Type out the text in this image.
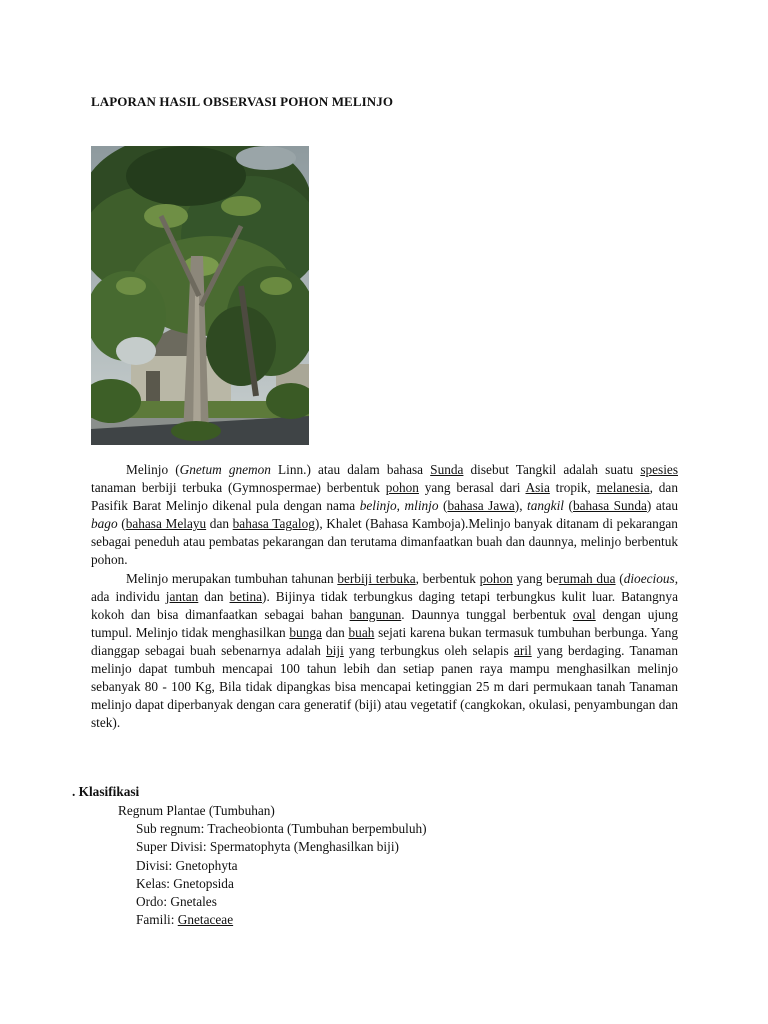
LAPORAN HASIL OBSERVASI POHON MELINJO

Melinjo (Gnetum gnemon Linn.) atau dalam bahasa Sunda disebut Tangkil adalah suatu spesies tanaman berbiji terbuka (Gymnospermae) berbentuk pohon yang berasal dari Asia tropik, melanesia, dan Pasifik Barat Melinjo dikenal pula dengan nama belinjo, mlinjo (bahasa Jawa), tangkil (bahasa Sunda) atau bago (bahasa Melayu dan bahasa Tagalog), Khalet (Bahasa Kamboja).Melinjo banyak ditanam di pekarangan sebagai peneduh atau pembatas pekarangan dan terutama dimanfaatkan buah dan daunnya, melinjo berbentuk pohon.

Melinjo merupakan tumbuhan tahunan berbiji terbuka, berbentuk pohon yang berumah dua (dioecious, ada individu jantan dan betina). Bijinya tidak terbungkus daging tetapi terbungkus kulit luar. Batangnya kokoh dan bisa dimanfaatkan sebagai bahan bangunan. Daunnya tunggal berbentuk oval dengan ujung tumpul. Melinjo tidak menghasilkan bunga dan buah sejati karena bukan termasuk tumbuhan berbunga. Yang dianggap sebagai buah sebenarnya adalah biji yang terbungkus oleh selapis aril yang berdaging. Tanaman melinjo dapat tumbuh mencapai 100 tahun lebih dan setiap panen raya mampu menghasilkan melinjo sebanyak 80 - 100 Kg, Bila tidak dipangkas bisa mencapai ketinggian 25 m dari permukaan tanah Tanaman melinjo dapat diperbanyak dengan cara generatif (biji) atau vegetatif (cangkokan, okulasi, penyambungan dan stek).

. Klasifikasi
Regnum Plantae (Tumbuhan)
Sub regnum: Tracheobionta (Tumbuhan berpembuluh)
Super Divisi: Spermatophyta (Menghasilkan biji)
Divisi: Gnetophyta
Kelas: Gnetopsida
Ordo: Gnetales
Famili: Gnetaceae
